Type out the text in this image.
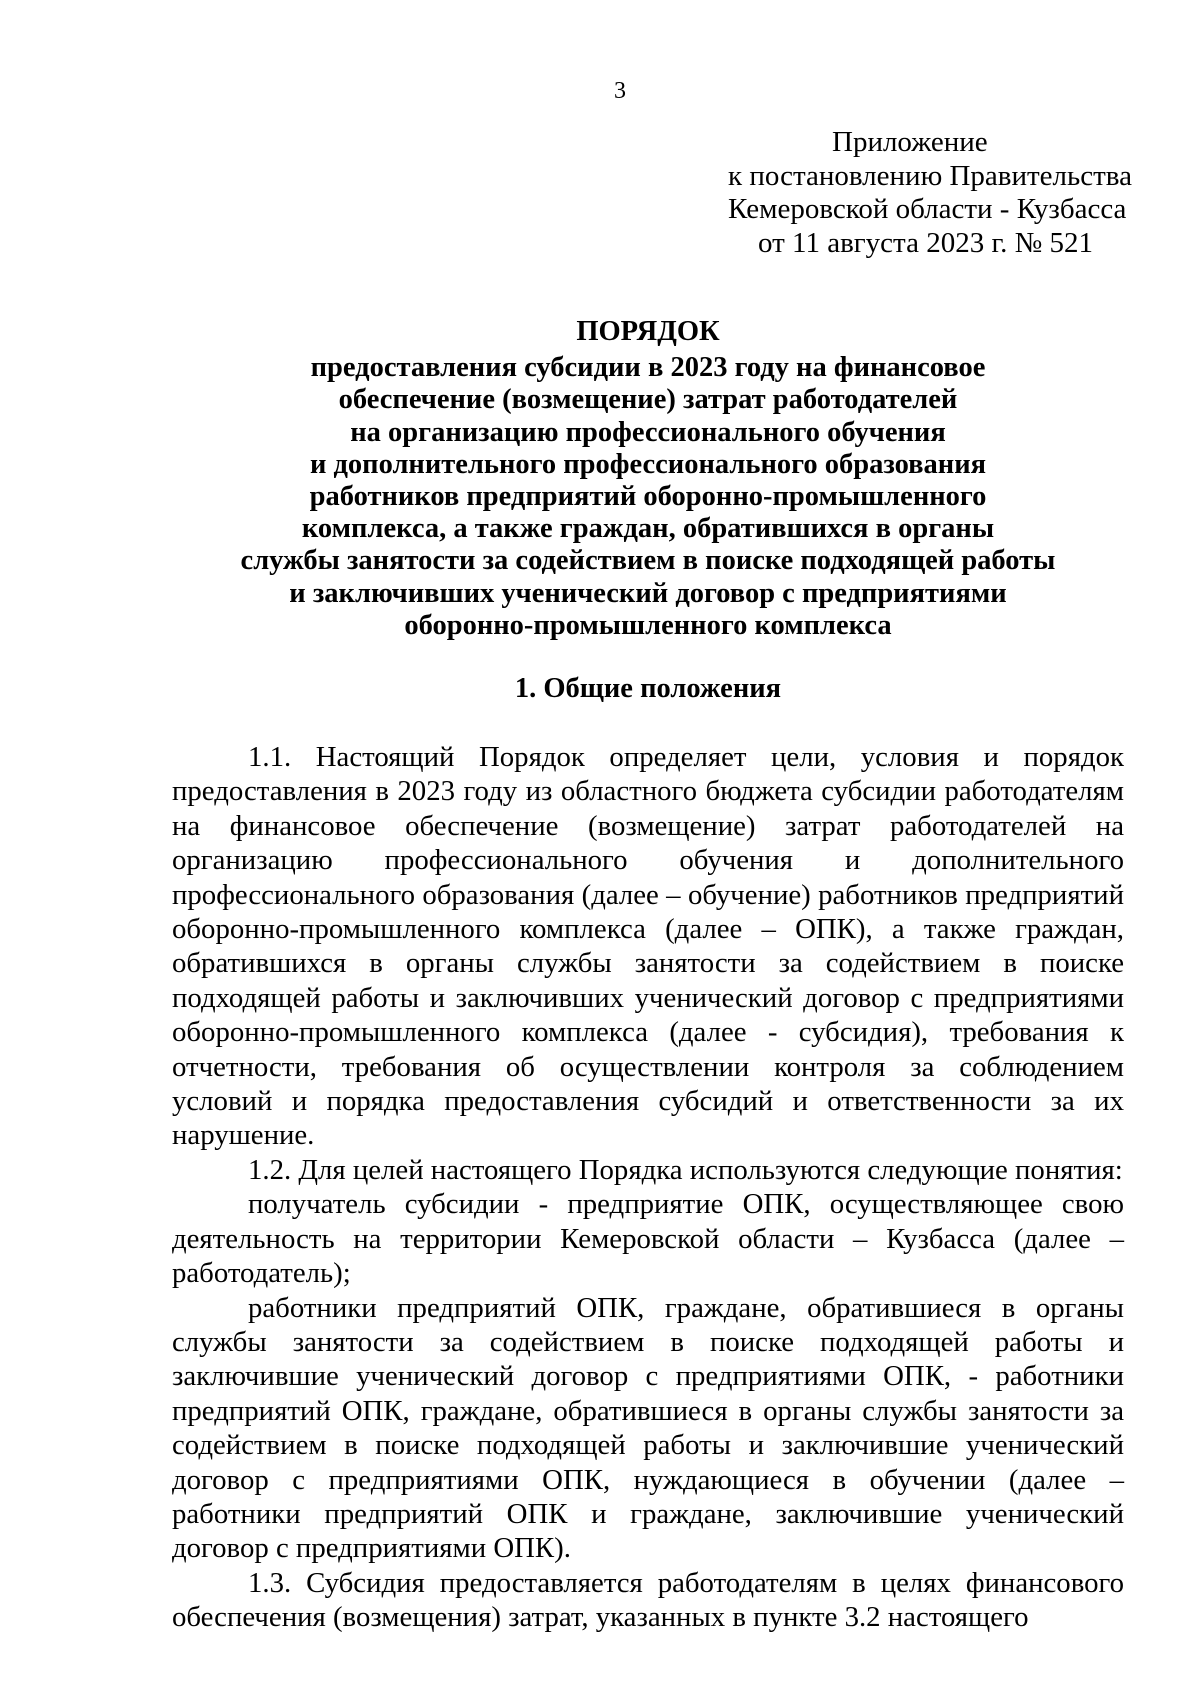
3
Приложение
к постановлению Правительства
Кемеровской области - Кузбасса
от 11 августа 2023 г. № 521
ПОРЯДОК
предоставления субсидии в 2023 году на финансовое
обеспечение (возмещение) затрат работодателей
на организацию профессионального обучения
и дополнительного профессионального образования
работников предприятий оборонно-промышленного
комплекса, а также граждан, обратившихся в органы
службы занятости за содействием в поиске подходящей работы
и заключивших ученический договор с предприятиями
оборонно-промышленного комплекса
1. Общие положения

1.1. Настоящий Порядок определяет цели, условия и порядок предоставления в 2023 году из областного бюджета субсидии работодателям на финансовое обеспечение (возмещение) затрат работодателей на организацию профессионального обучения и дополнительного профессионального образования (далее – обучение) работников предприятий оборонно-промышленного комплекса (далее – ОПК), а также граждан, обратившихся в органы службы занятости за содействием в поиске подходящей работы и заключивших ученический договор с предприятиями оборонно-промышленного комплекса (далее - субсидия), требования к отчетности, требования об осуществлении контроля за соблюдением условий и порядка предоставления субсидий и ответственности за их нарушение.

1.2. Для целей настоящего Порядка используются следующие понятия:

получатель субсидии - предприятие ОПК, осуществляющее свою деятельность на территории Кемеровской области – Кузбасса (далее – работодатель);

работники предприятий ОПК, граждане, обратившиеся в органы службы занятости за содействием в поиске подходящей работы и заключившие ученический договор с предприятиями ОПК, - работники предприятий ОПК, граждане, обратившиеся в органы службы занятости за содействием в поиске подходящей работы и заключившие ученический договор с предприятиями ОПК, нуждающиеся в обучении (далее – работники предприятий ОПК и граждане, заключившие ученический договор с предприятиями ОПК).

1.3. Субсидия предоставляется работодателям в целях финансового обеспечения (возмещения) затрат, указанных в пункте 3.2 настоящего
